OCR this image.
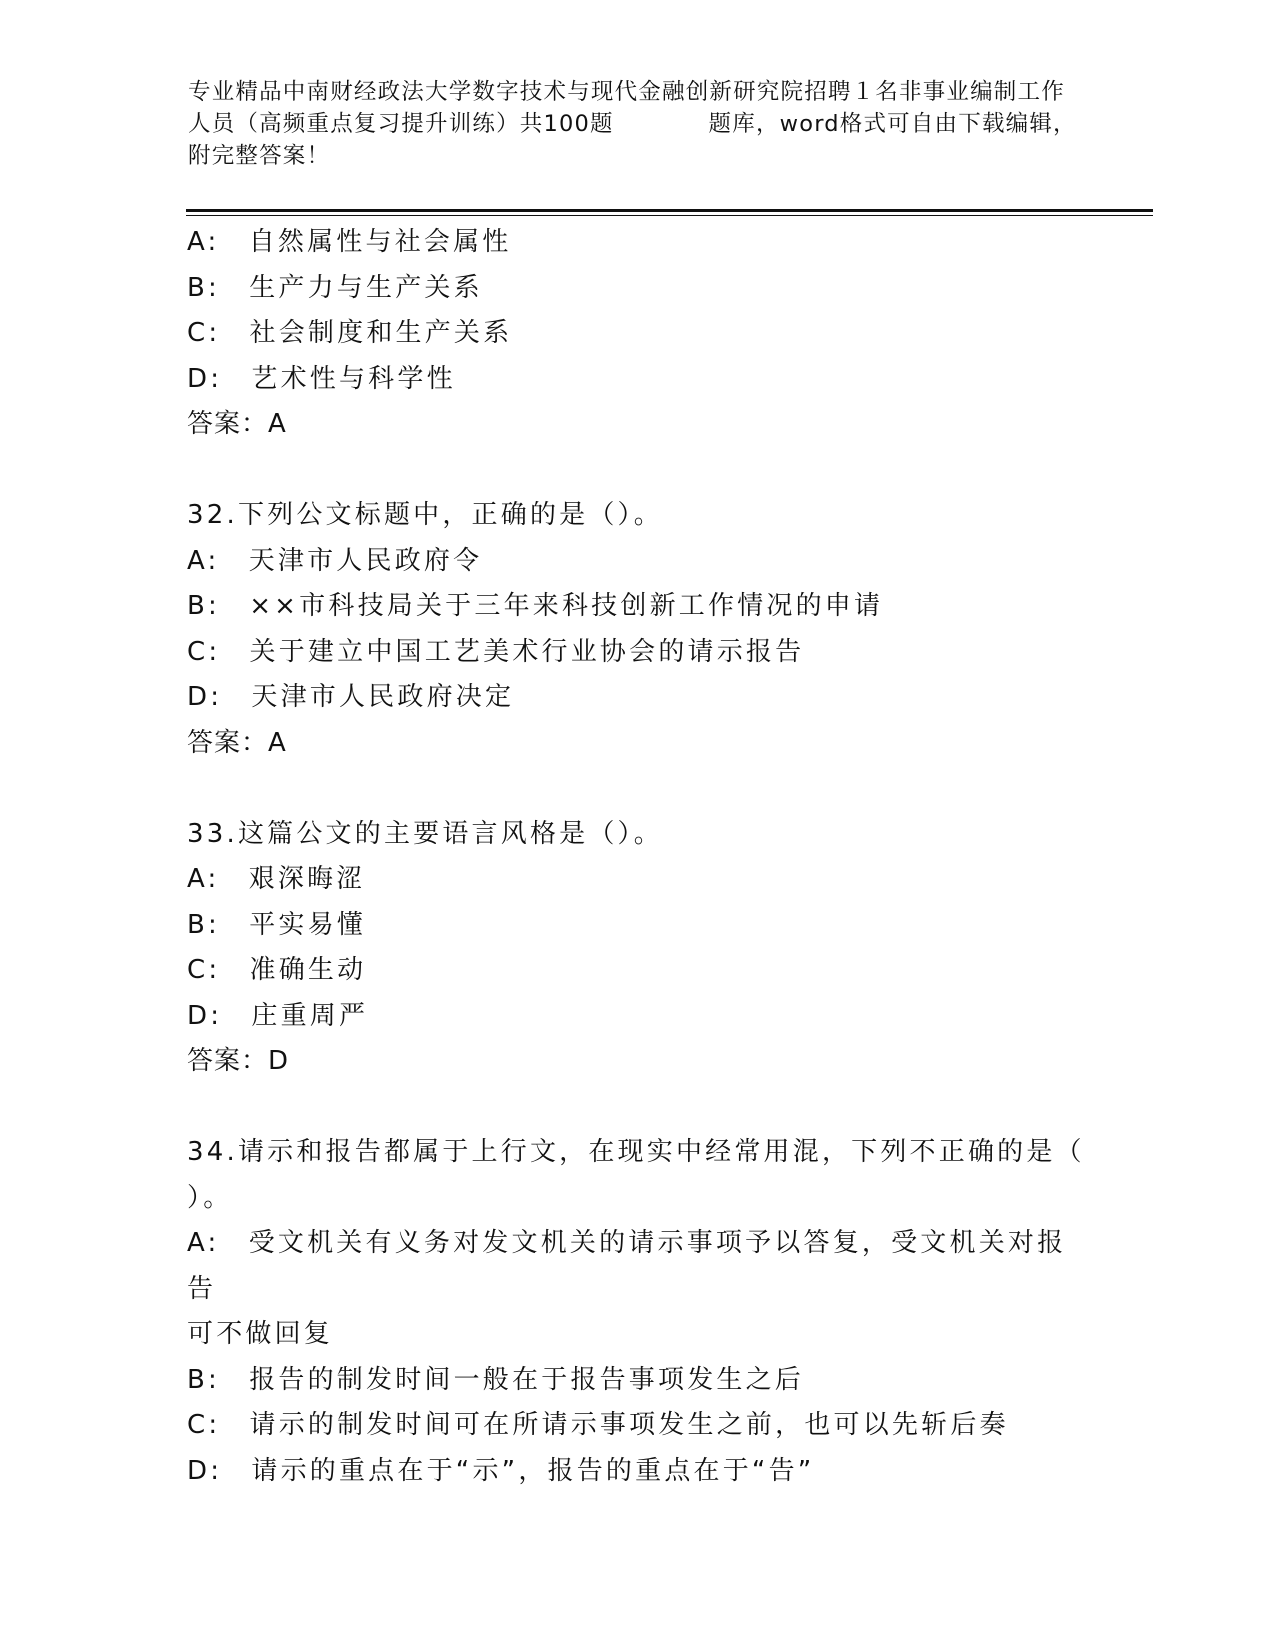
专业精品中南财经政法大学数字技术与现代金融创新研究院招聘１名非事业编制工作人员（高频重点复习提升训练）共100题　　　　题库，word格式可自由下载编辑，附完整答案！
A:　自然属性与社会属性
B:　生产力与生产关系
C:　社会制度和生产关系
D:　艺术性与科学性
答案：A
32.下列公文标题中，正确的是（）。
A:　天津市人民政府令
B:　××市科技局关于三年来科技创新工作情况的申请
C:　关于建立中国工艺美术行业协会的请示报告
D:　天津市人民政府决定
答案：A
33.这篇公文的主要语言风格是（）。
A:　艰深晦涩
B:　平实易懂
C:　准确生动
D:　庄重周严
答案：D
34.请示和报告都属于上行文，在现实中经常用混，下列不正确的是（
）。
A:　受文机关有义务对发文机关的请示事项予以答复，受文机关对报告
可不做回复
B:　报告的制发时间一般在于报告事项发生之后
C:　请示的制发时间可在所请示事项发生之前，也可以先斩后奏
D:　请示的重点在于“示”，报告的重点在于“告”
